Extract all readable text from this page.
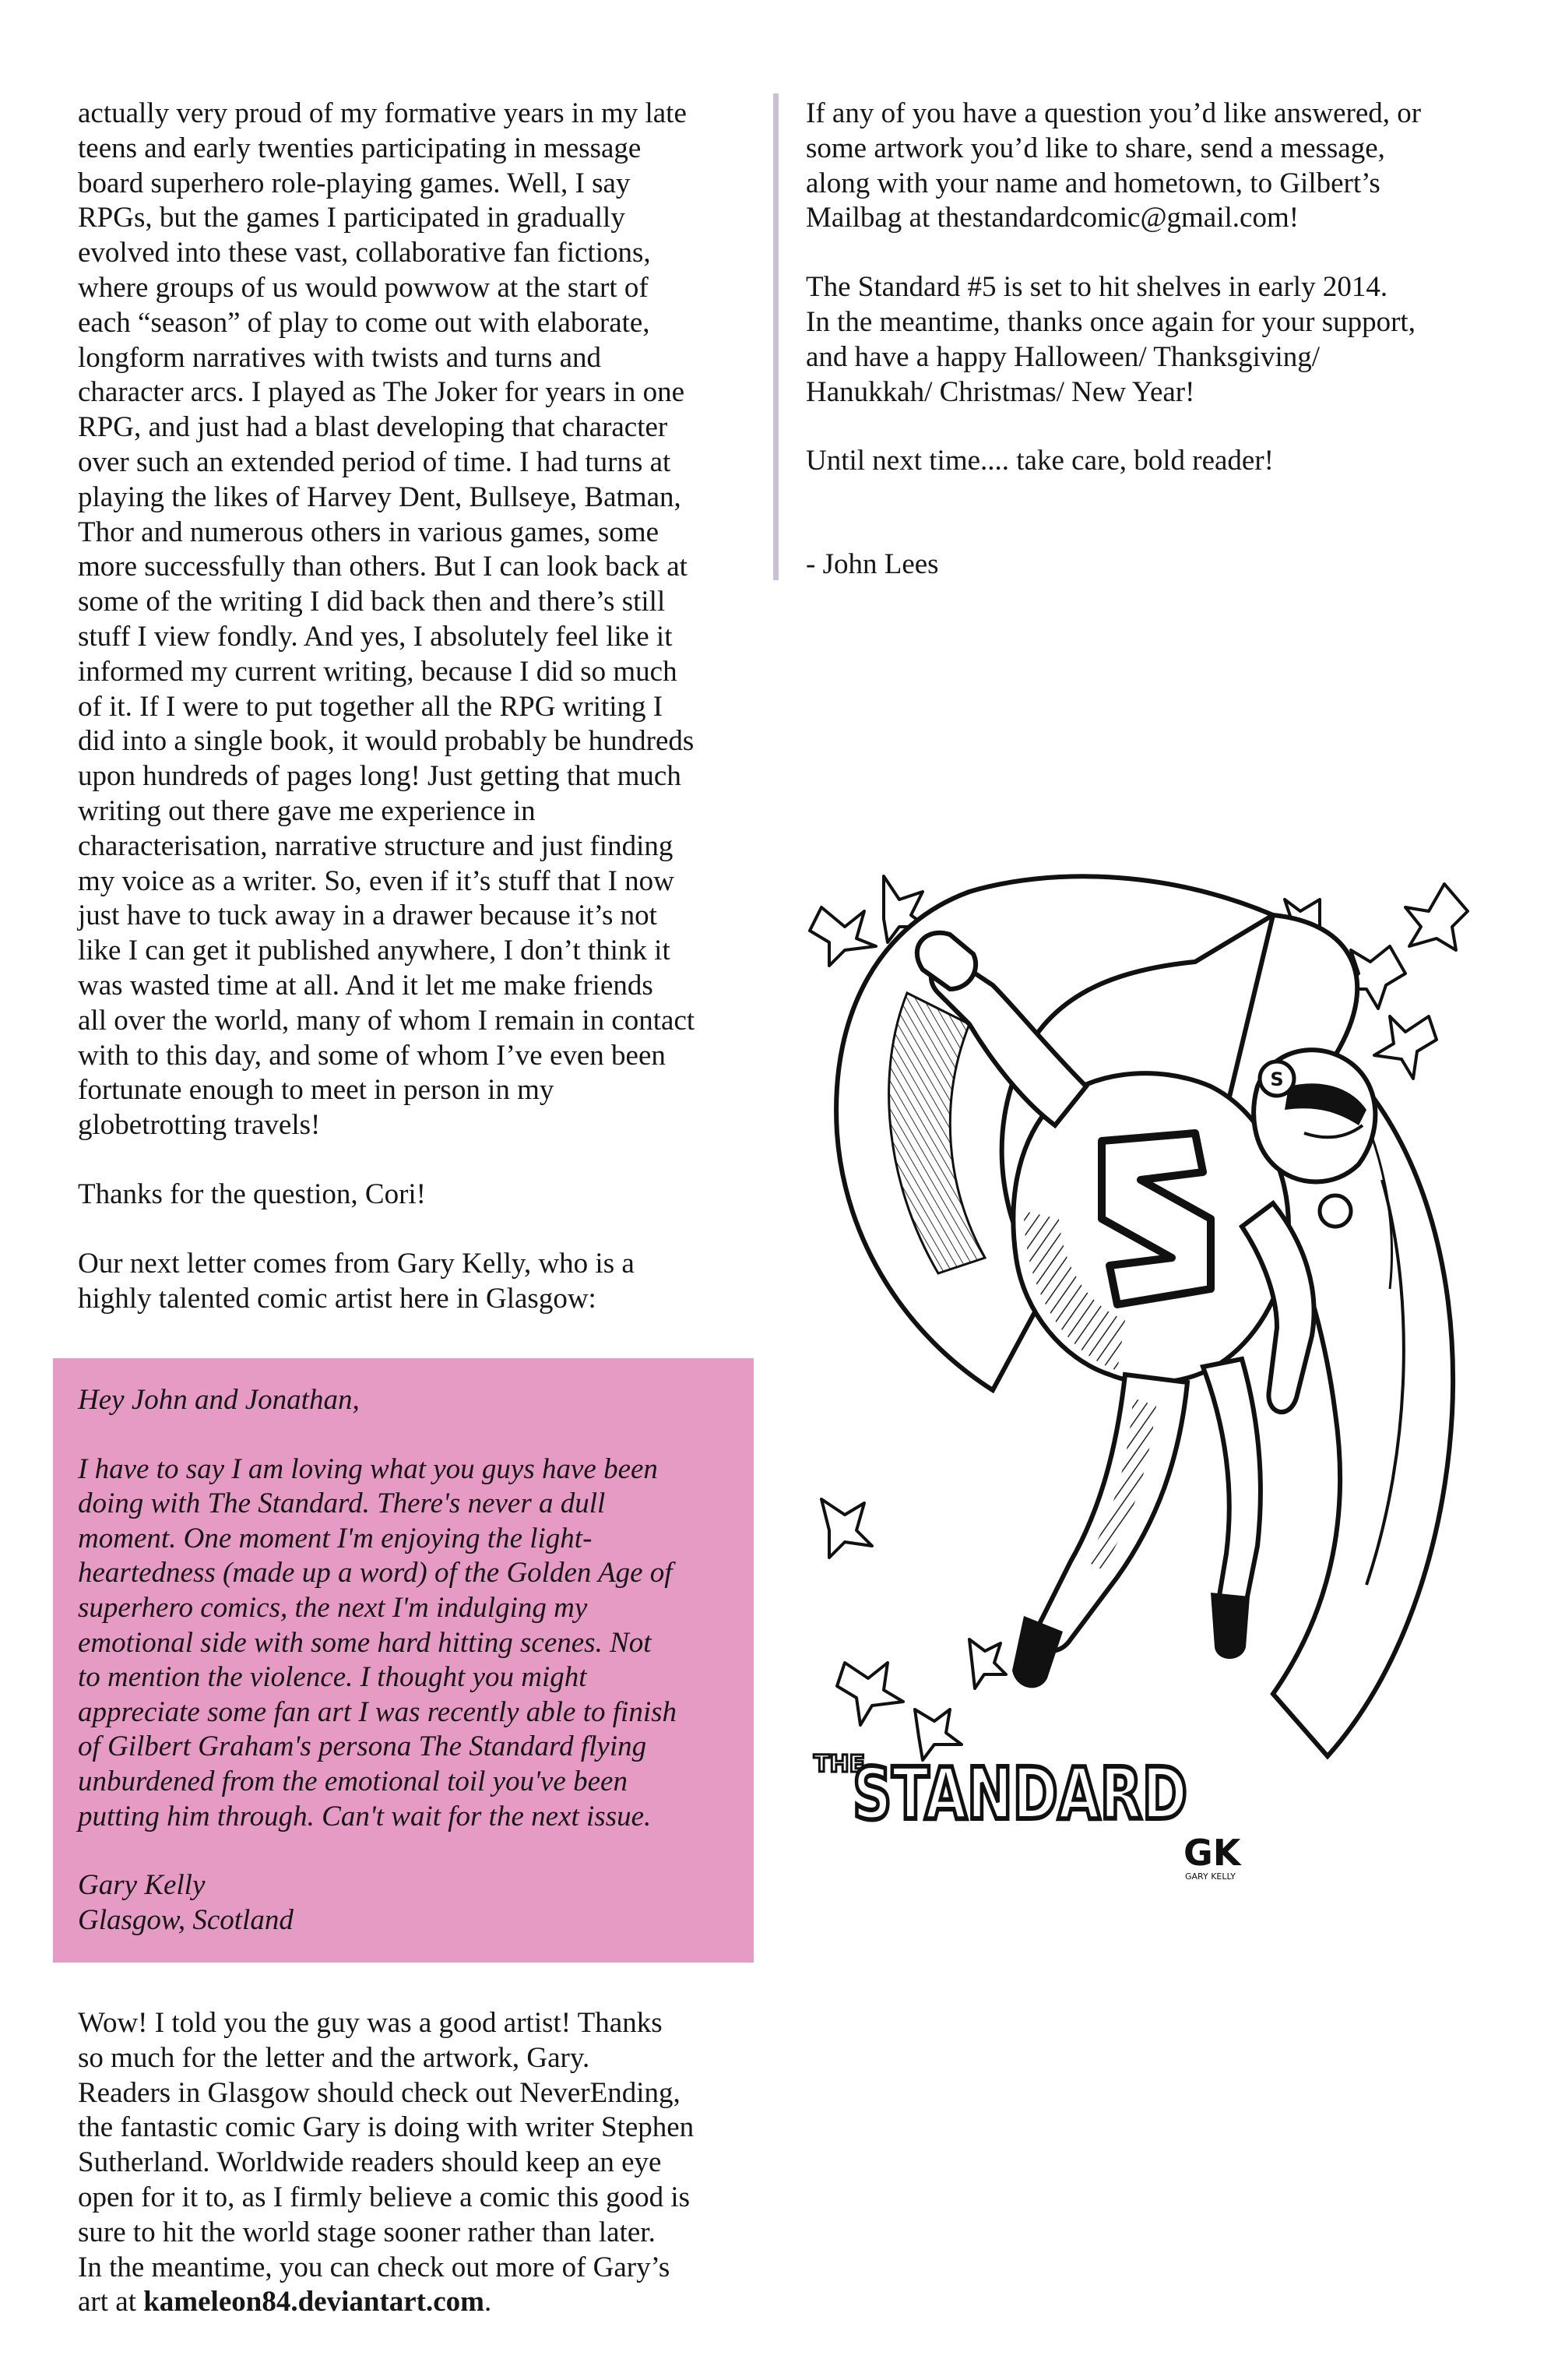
actually very proud of my formative years in my late
teens and early twenties participating in message
board superhero role-playing games. Well, I say
RPGs, but the games I participated in gradually
evolved into these vast, collaborative fan fictions,
where groups of us would powwow at the start of
each “season” of play to come out with elaborate,
longform narratives with twists and turns and
character arcs. I played as The Joker for years in one
RPG, and just had a blast developing that character
over such an extended period of time. I had turns at
playing the likes of Harvey Dent, Bullseye, Batman,
Thor and numerous others in various games, some
more successfully than others. But I can look back at
some of the writing I did back then and there’s still
stuff I view fondly. And yes, I absolutely feel like it
informed my current writing, because I did so much
of it. If I were to put together all the RPG writing I
did into a single book, it would probably be hundreds
upon hundreds of pages long! Just getting that much
writing out there gave me experience in
characterisation, narrative structure and just finding
my voice as a writer. So, even if it’s stuff that I now
just have to tuck away in a drawer because it’s not
like I can get it published anywhere, I don’t think it
was wasted time at all. And it let me make friends
all over the world, many of whom I remain in contact
with to this day, and some of whom I’ve even been
fortunate enough to meet in person in my
globetrotting travels!

Thanks for the question, Cori!

Our next letter comes from Gary Kelly, who is a
highly talented comic artist here in Glasgow:

Hey John and Jonathan,

I have to say I am loving what you guys have been
doing with The Standard. There's never a dull
moment. One moment I'm enjoying the light-
heartedness (made up a word) of the Golden Age of
superhero comics, the next I'm indulging my
emotional side with some hard hitting scenes. Not
to mention the violence. I thought you might
appreciate some fan art I was recently able to finish
of Gilbert Graham's persona The Standard flying
unburdened from the emotional toil you've been
putting him through. Can't wait for the next issue.

Gary Kelly
Glasgow, Scotland

Wow! I told you the guy was a good artist! Thanks
so much for the letter and the artwork, Gary.
Readers in Glasgow should check out NeverEnding,
the fantastic comic Gary is doing with writer Stephen
Sutherland. Worldwide readers should keep an eye
open for it to, as I firmly believe a comic this good is
sure to hit the world stage sooner rather than later.
In the meantime, you can check out more of Gary’s
art at kameleon84.deviantart.com.

If any of you have a question you’d like answered, or
some artwork you’d like to share, send a message,
along with your name and hometown, to Gilbert’s
Mailbag at thestandardcomic@gmail.com!

The Standard #5 is set to hit shelves in early 2014.
In the meantime, thanks once again for your support,
and have a happy Halloween/ Thanksgiving/
Hanukkah/ Christmas/ New Year!

Until next time.... take care, bold reader!

- John Lees

S
THE
STANDARD
GK
GARY KELLY
